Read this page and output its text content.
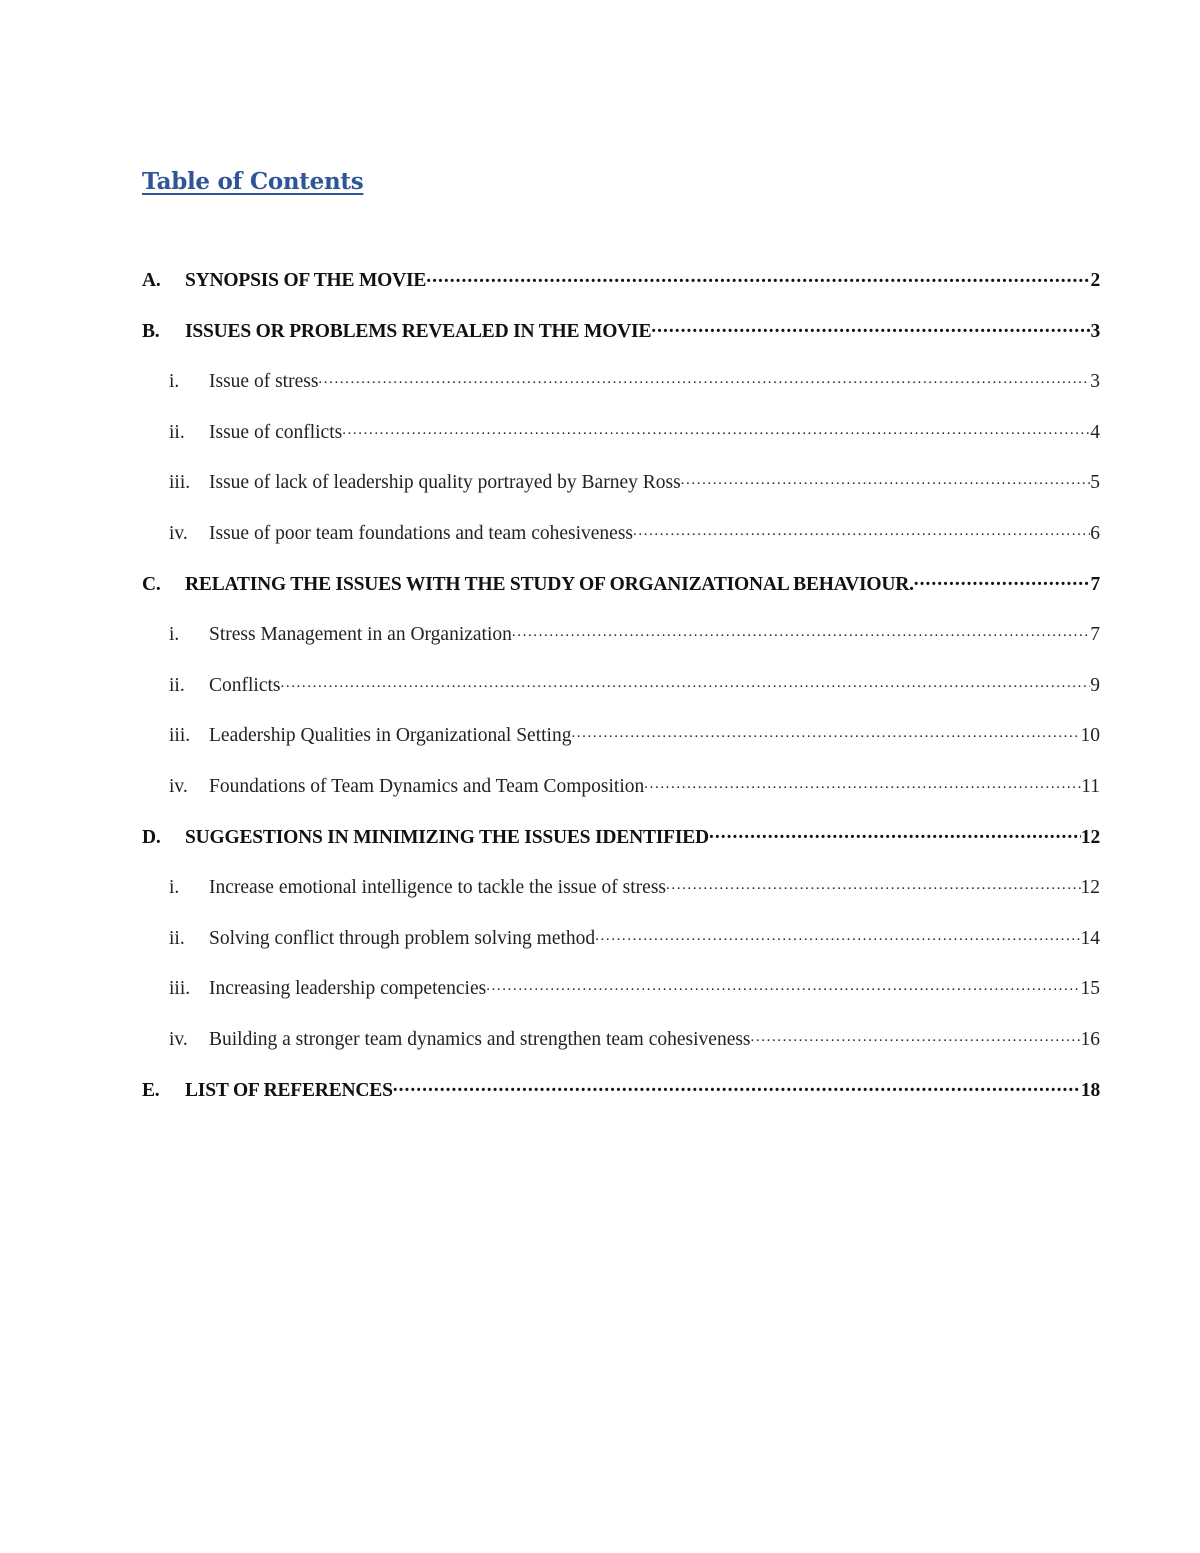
Table of Contents
A.	SYNOPSIS OF THE MOVIE .....	2
B.	ISSUES OR PROBLEMS REVEALED IN THE MOVIE .....	3
i.	Issue of stress .....	3
ii.	Issue of conflicts .....	4
iii. Issue of lack of leadership quality portrayed by Barney Ross .....	5
iv.	Issue of poor team foundations and team cohesiveness .....	6
C.	RELATING THE ISSUES WITH THE STUDY OF ORGANIZATIONAL BEHAVIOUR. .....	7
i.	Stress Management in an Organization .....	7
ii.	Conflicts .....	9
iii. Leadership Qualities in Organizational Setting .....	10
iv.	Foundations of Team Dynamics and Team Composition .....	11
D.	SUGGESTIONS IN MINIMIZING THE ISSUES IDENTIFIED .....	12
i.	Increase emotional intelligence to tackle the issue of stress .....	12
ii.	Solving conflict through problem solving method .....	14
iii. Increasing leadership competencies .....	15
iv.	Building a stronger team dynamics and strengthen team cohesiveness .....	16
E.	LIST OF REFERENCES .....	18
